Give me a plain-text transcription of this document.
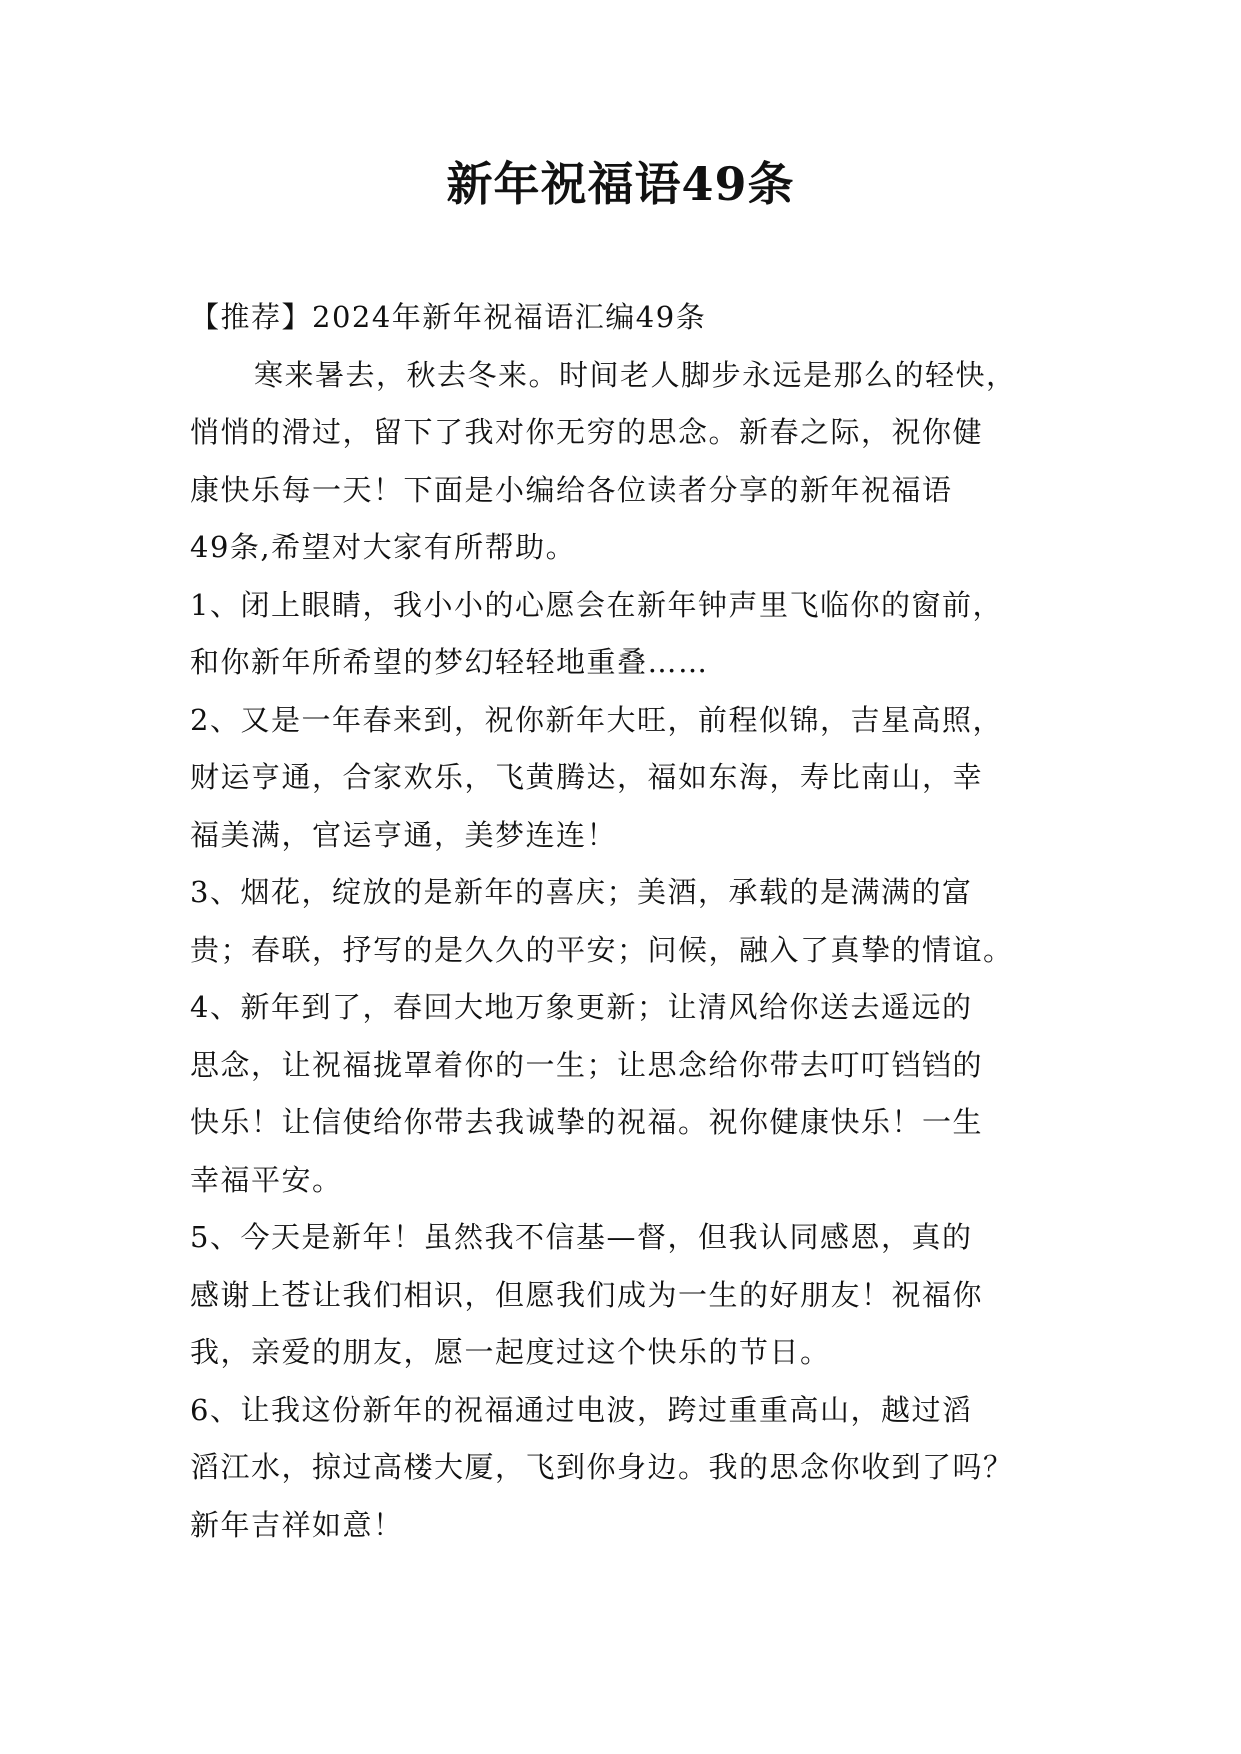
新年祝福语49条
【推荐】2024年新年祝福语汇编49条
寒来暑去，秋去冬来。时间老人脚步永远是那么的轻快，
悄悄的滑过，留下了我对你无穷的思念。新春之际，祝你健
康快乐每一天！下面是小编给各位读者分享的新年祝福语
49条,希望对大家有所帮助。
1、闭上眼睛，我小小的心愿会在新年钟声里飞临你的窗前，
和你新年所希望的梦幻轻轻地重叠……
2、又是一年春来到，祝你新年大旺，前程似锦，吉星高照，
财运亨通，合家欢乐，飞黄腾达，福如东海，寿比南山，幸
福美满，官运亨通，美梦连连！
3、烟花，绽放的是新年的喜庆；美酒，承载的是满满的富
贵；春联，抒写的是久久的平安；问候，融入了真挚的情谊。
4、新年到了，春回大地万象更新；让清风给你送去遥远的
思念，让祝福拢罩着你的一生；让思念给你带去叮叮铛铛的
快乐！让信使给你带去我诚挚的祝福。祝你健康快乐！一生
幸福平安。
5、今天是新年！虽然我不信基—督，但我认同感恩，真的
感谢上苍让我们相识，但愿我们成为一生的好朋友！祝福你
我，亲爱的朋友，愿一起度过这个快乐的节日。
6、让我这份新年的祝福通过电波，跨过重重高山，越过滔
滔江水，掠过高楼大厦，飞到你身边。我的思念你收到了吗？
新年吉祥如意！
